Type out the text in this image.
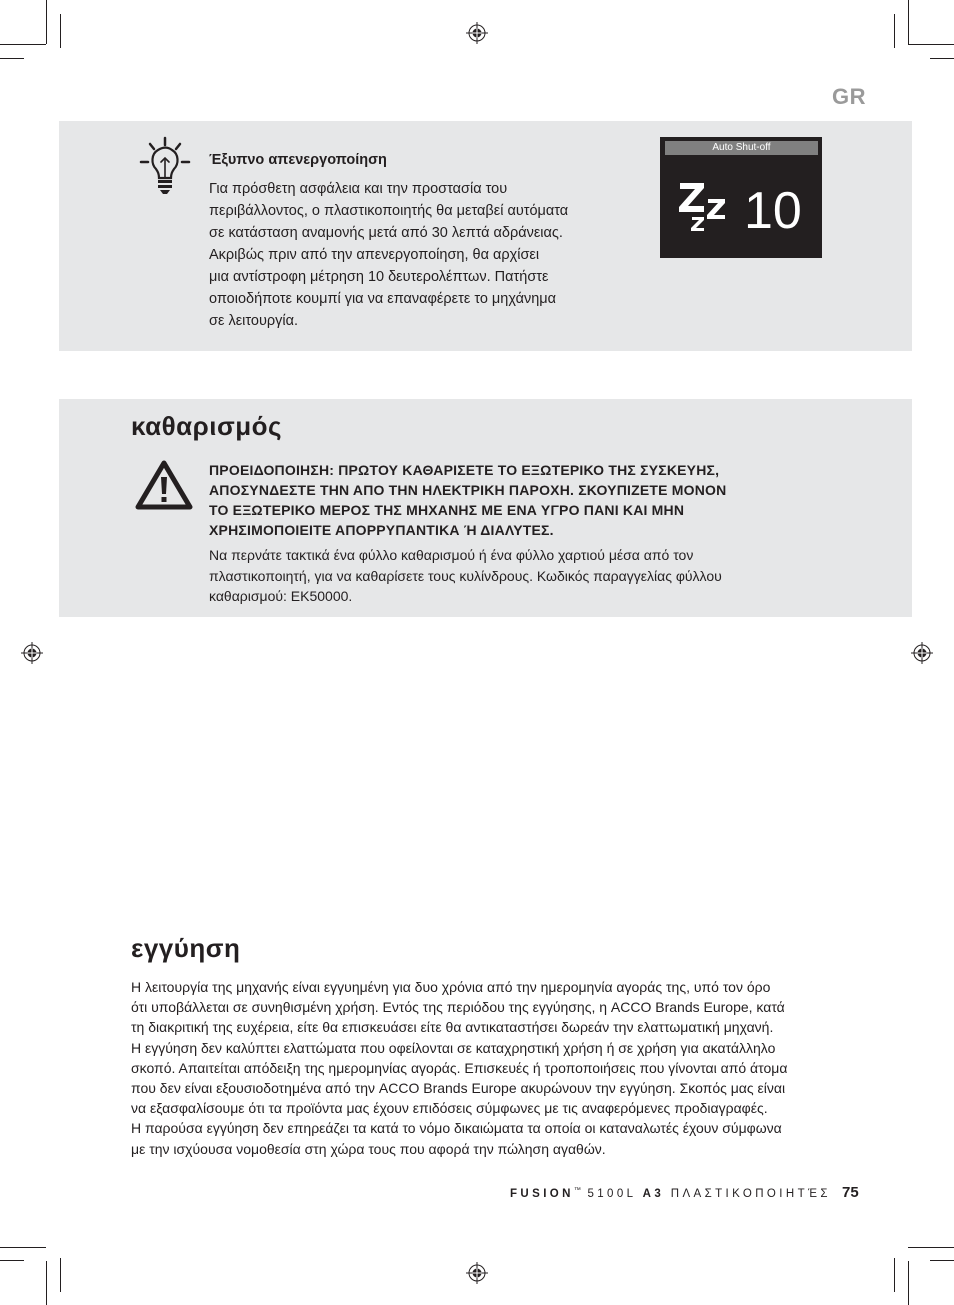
GR
Έξυπνο απενεργοποίηση
Για πρόσθετη ασφάλεια και την προστασία του
περιβάλλοντος, ο πλαστικοποιητής θα μεταβεί αυτόματα
σε κατάσταση αναμονής μετά από 30 λεπτά αδράνειας.
Ακριβώς πριν από την απενεργοποίηση, θα αρχίσει
μια αντίστροφη μέτρηση 10 δευτερολέπτων. Πατήστε
οποιοδήποτε κουμπί για να επαναφέρετε το μηχάνημα
σε λειτουργία.
Auto Shut-off
10
καθαρισμός
ΠΡΟΕΙΔΟΠΟΙΗΣΗ: ΠΡΩΤΟΥ ΚΑΘΑΡΙΣΕΤΕ ΤΟ ΕΞΩΤΕΡΙΚΟ ΤΗΣ ΣΥΣΚΕΥΗΣ,
ΑΠΟΣΥΝΔΕΣΤΕ ΤΗΝ ΑΠΟ ΤΗΝ ΗΛΕΚΤΡΙΚΗ ΠΑΡΟΧΗ. ΣΚΟΥΠΙΖΕΤΕ ΜΟΝΟΝ
ΤΟ ΕΞΩΤΕΡΙΚΟ ΜΕΡΟΣ ΤΗΣ ΜΗΧΑΝΗΣ ΜΕ ΕΝΑ ΥΓΡΟ ΠΑΝΙ ΚΑΙ ΜΗΝ
ΧΡΗΣΙΜΟΠΟΙΕΙΤΕ ΑΠΟΡΡΥΠΑΝΤΙΚΑ Ή ΔΙΑΛΥΤΕΣ.
Να περνάτε τακτικά ένα φύλλο καθαρισμού ή ένα φύλλο χαρτιού μέσα από τον
πλαστικοποιητή, για να καθαρίσετε τους κυλίνδρους. Κωδικός παραγγελίας φύλλου
καθαρισμού: EK50000.
εγγύηση
Η λειτουργία της μηχανής είναι εγγυημένη για δυο χρόνια από την ημερομηνία αγοράς της, υπό τον όρο
ότι υποβάλλεται σε συνηθισμένη χρήση. Εντός της περιόδου της εγγύησης, η ACCO Brands Europe, κατά
τη διακριτική της ευχέρεια, είτε θα επισκευάσει είτε θα αντικαταστήσει δωρεάν την ελαττωματική μηχανή.
Η εγγύηση δεν καλύπτει ελαττώματα που οφείλονται σε καταχρηστική χρήση ή σε χρήση για ακατάλληλο
σκοπό. Απαιτείται απόδειξη της ημερομηνίας αγοράς. Επισκευές ή τροποποιήσεις που γίνονται από άτομα
που δεν είναι εξουσιοδοτημένα από την ACCO Brands Europe ακυρώνουν την εγγύηση. Σκοπός μας είναι
να εξασφαλίσουμε ότι τα προϊόντα μας έχουν επιδόσεις σύμφωνες με τις αναφερόμενες προδιαγραφές.
Η παρούσα εγγύηση δεν επηρεάζει τα κατά το νόμο δικαιώματα τα οποία οι καταναλωτές έχουν σύμφωνα
με την ισχύουσα νομοθεσία στη χώρα τους που αφορά την πώληση αγαθών.
FUSION™ 5100L A3 ΠΛΑΣΤΙΚΟΠΟΙΗΤΈΣ 75
